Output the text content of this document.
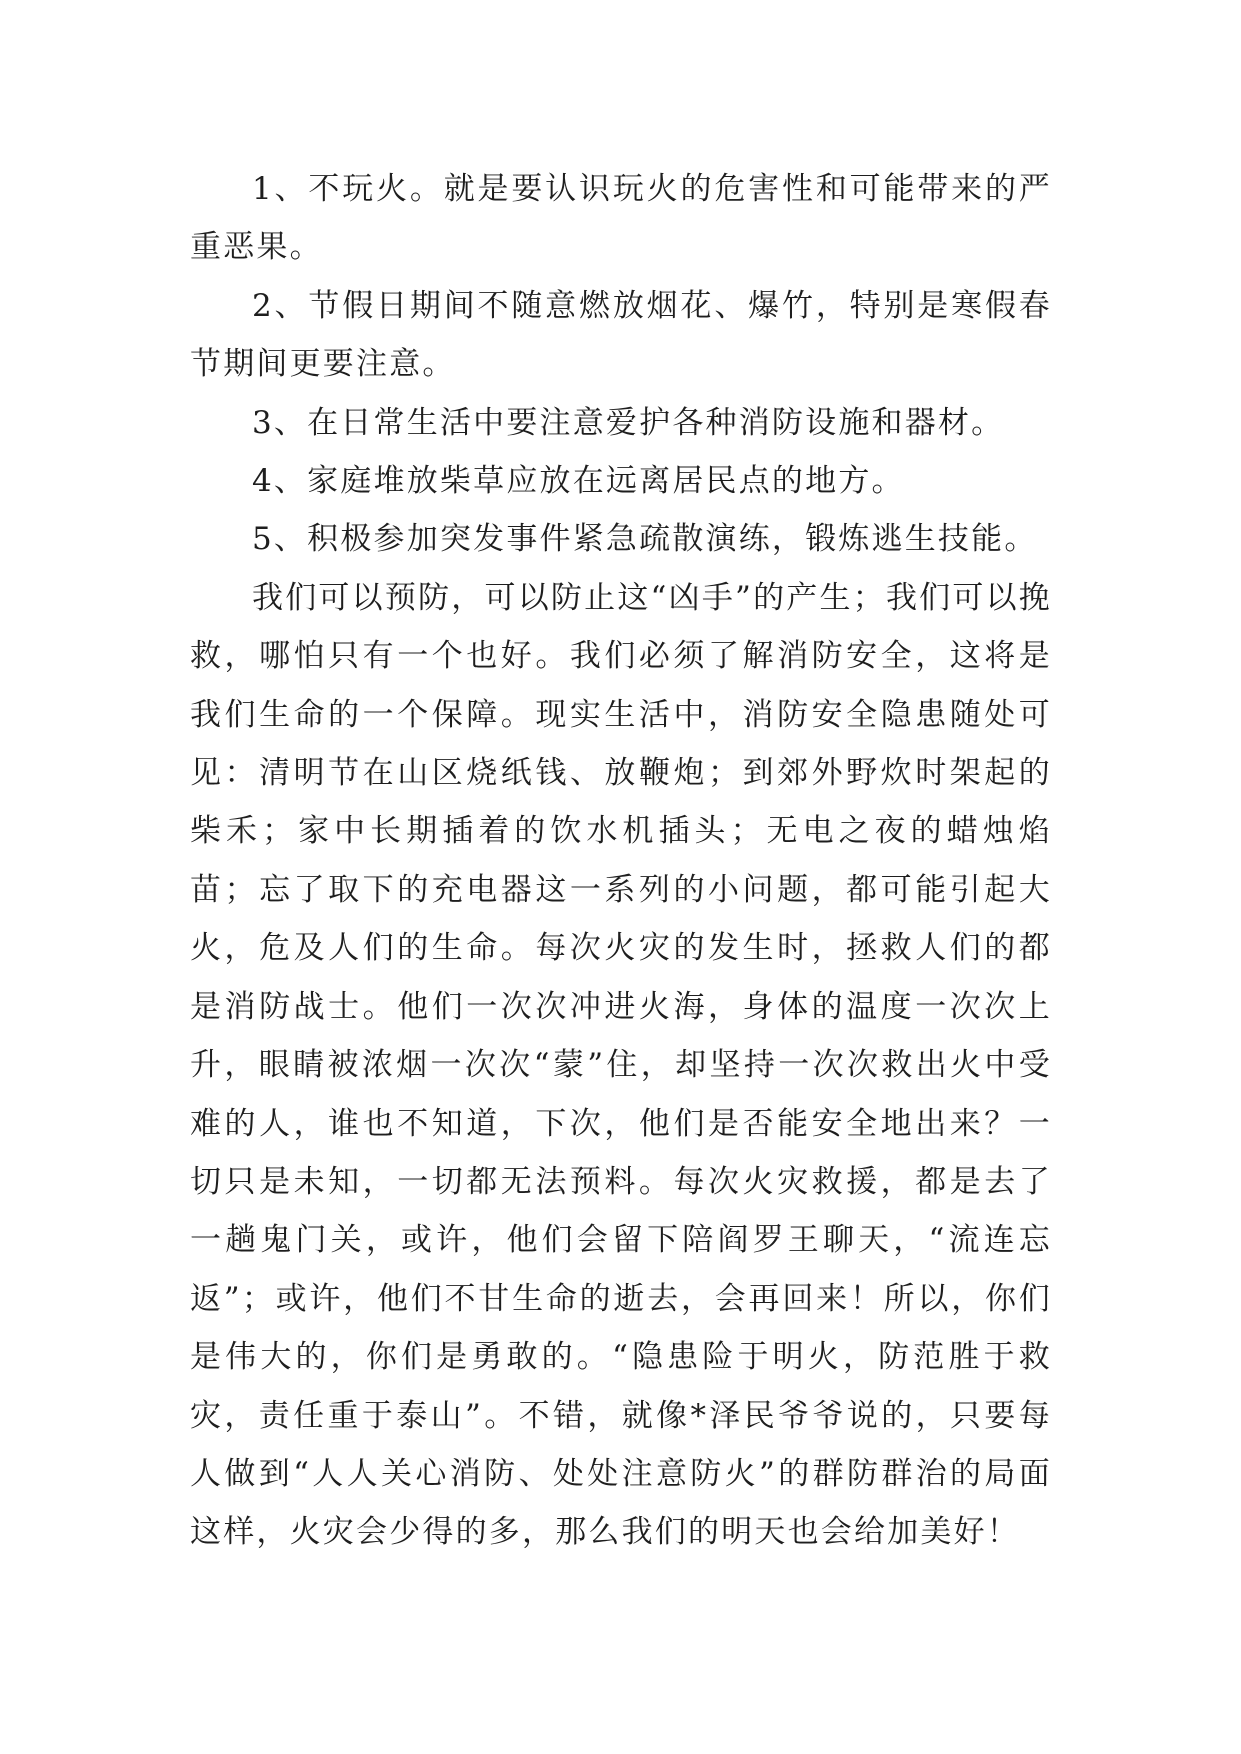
1、不玩火。就是要认识玩火的危害性和可能带来的严重恶果。

2、节假日期间不随意燃放烟花、爆竹，特别是寒假春节期间更要注意。

3、在日常生活中要注意爱护各种消防设施和器材。

4、家庭堆放柴草应放在远离居民点的地方。

5、积极参加突发事件紧急疏散演练，锻炼逃生技能。

我们可以预防，可以防止这“凶手”的产生；我们可以挽救，哪怕只有一个也好。我们必须了解消防安全，这将是我们生命的一个保障。现实生活中，消防安全隐患随处可见：清明节在山区烧纸钱、放鞭炮；到郊外野炊时架起的柴禾；家中长期插着的饮水机插头；无电之夜的蜡烛焰苗；忘了取下的充电器这一系列的小问题，都可能引起大火，危及人们的生命。每次火灾的发生时，拯救人们的都是消防战士。他们一次次冲进火海，身体的温度一次次上升，眼睛被浓烟一次次“蒙”住，却坚持一次次救出火中受难的人，谁也不知道，下次，他们是否能安全地出来？一切只是未知，一切都无法预料。每次火灾救援，都是去了一趟鬼门关，或许，他们会留下陪阎罗王聊天，“流连忘返”；或许，他们不甘生命的逝去，会再回来！所以，你们是伟大的，你们是勇敢的。“隐患险于明火，防范胜于救灾，责任重于泰山”。不错，就像*泽民爷爷说的，只要每人做到“人人关心消防、处处注意防火”的群防群治的局面这样，火灾会少得的多，那么我们的明天也会给加美好！
